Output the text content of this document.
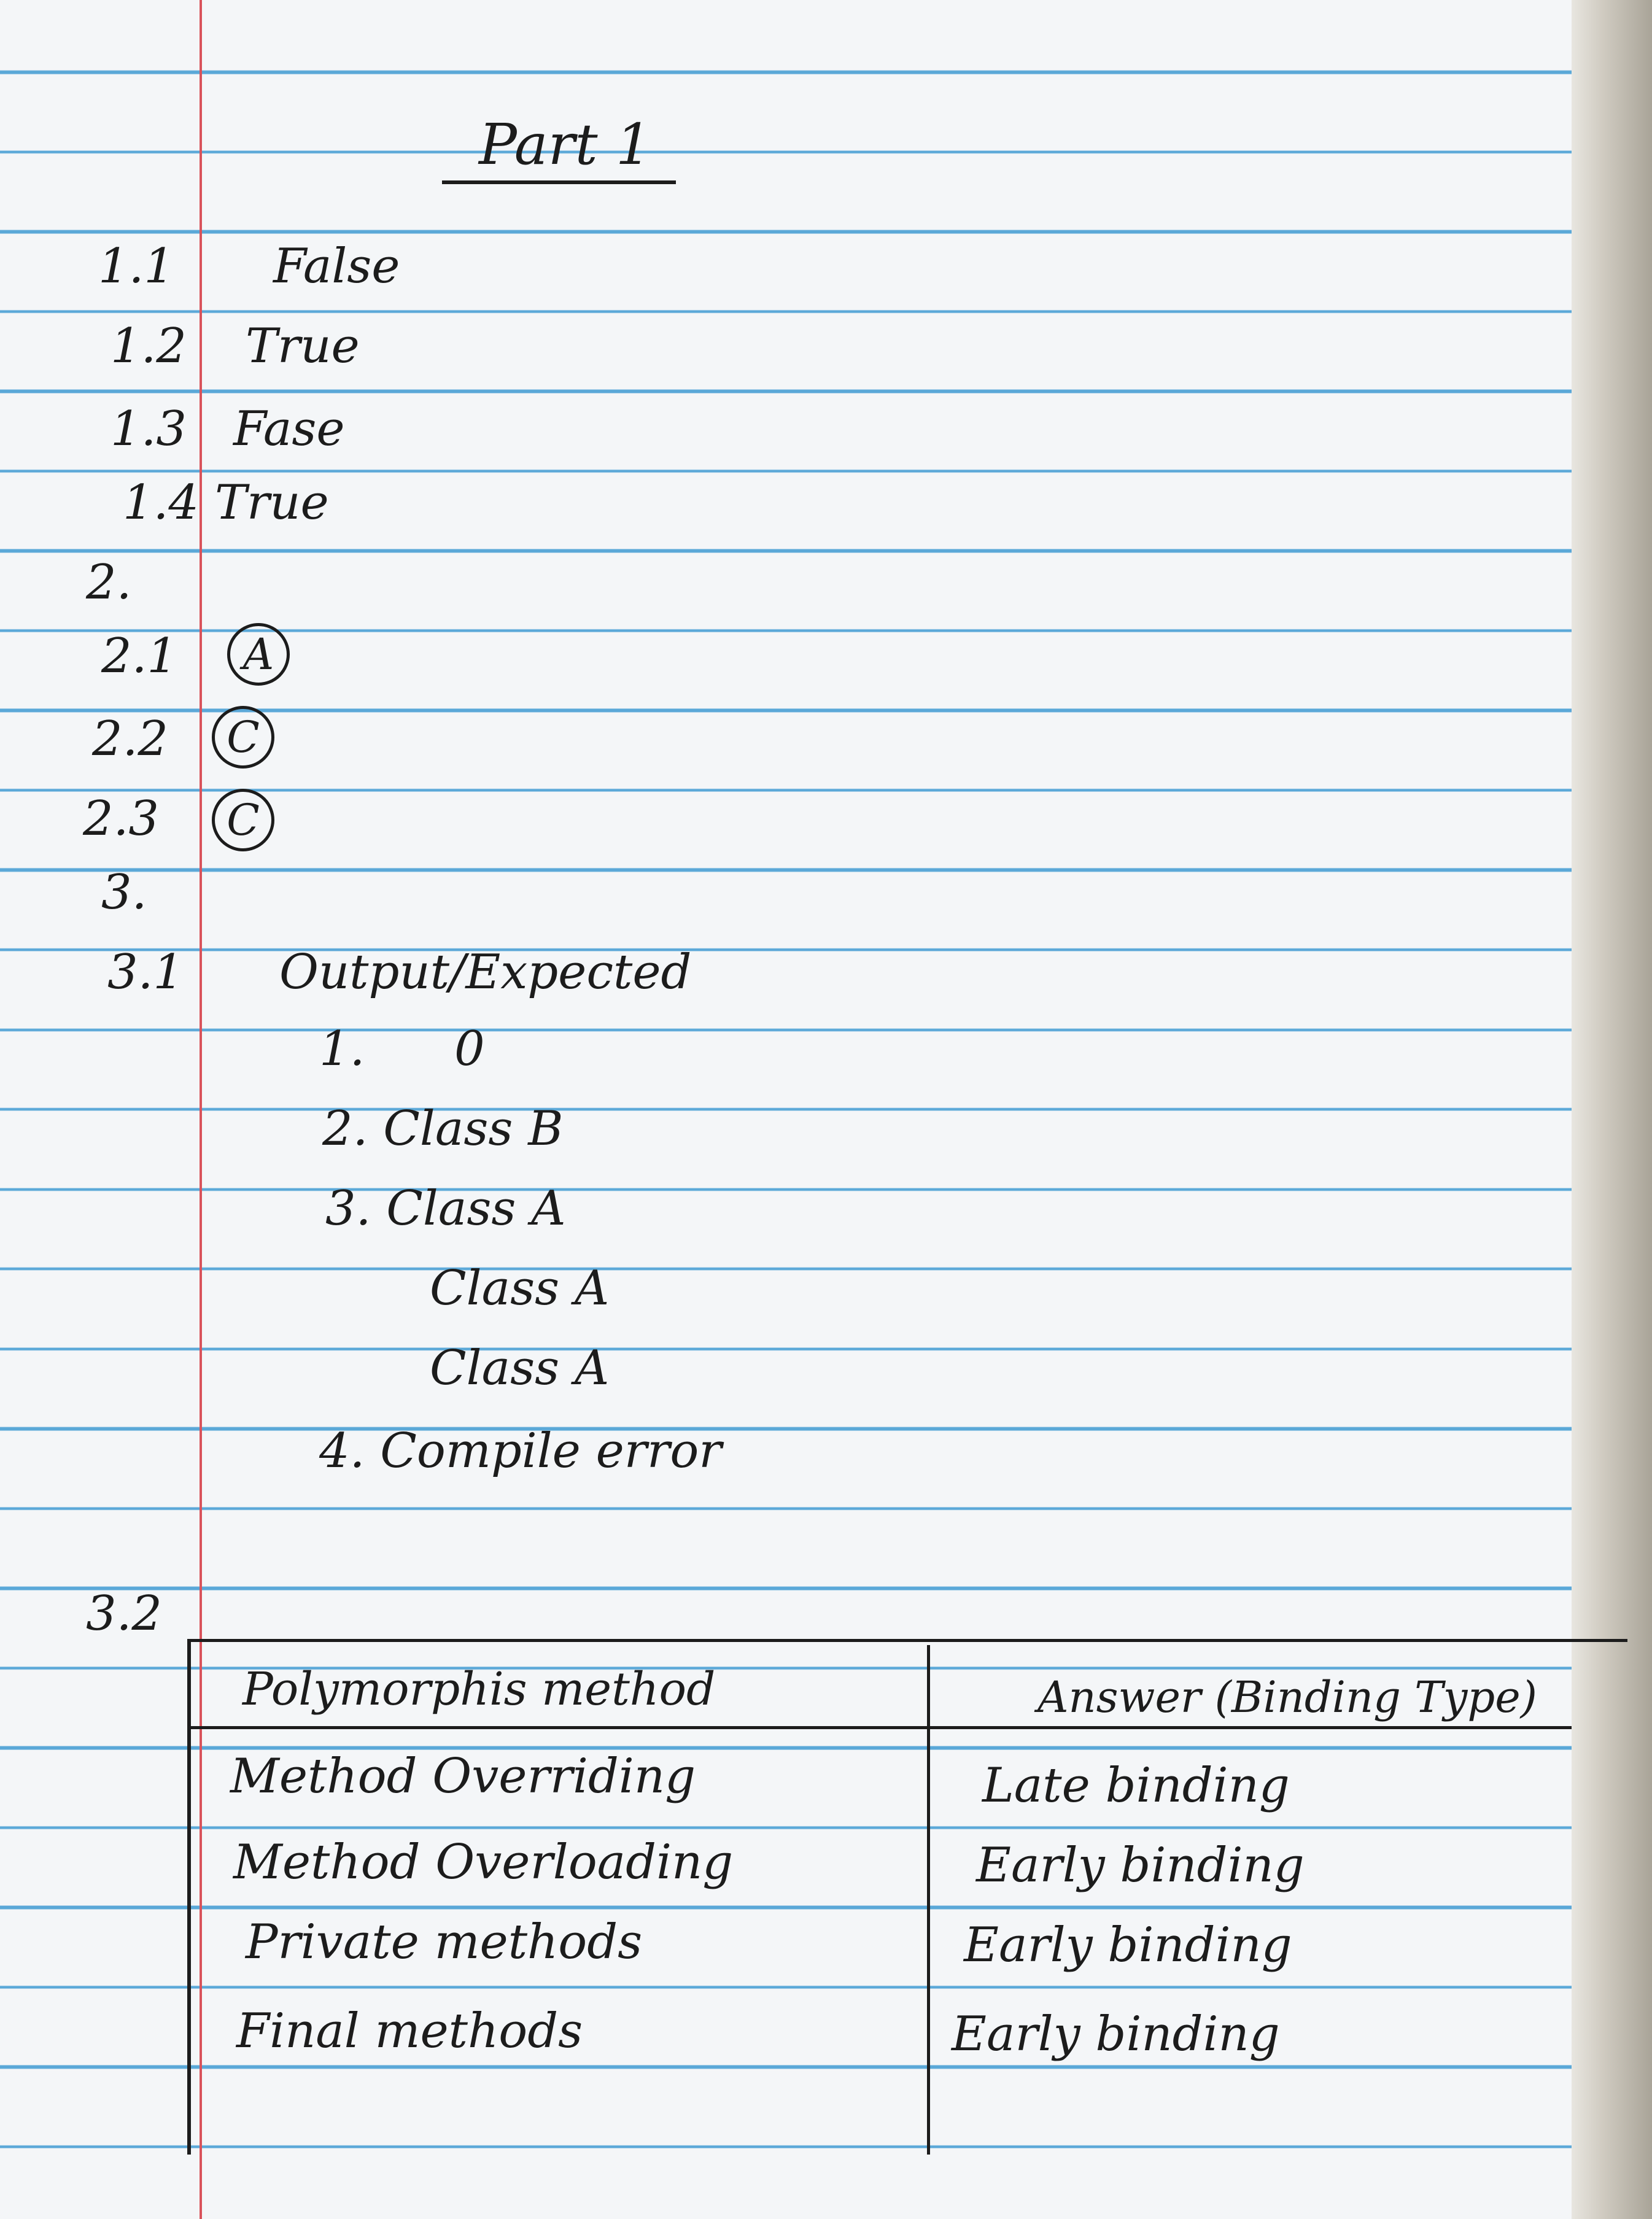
Part 1
1.1 False
1.2 True
1.3 Fase
1.4 True
2.
2.1	A
2.2	C
2.3	C
3.
3.1 Output/Expected
1. 0
2. Class B
3. Class A
Class A
Class A
4. Compile error
3.2
Polymorphis method	Answer (Binding Type)
Method Overriding	Late binding
Method Overloading	Early binding
Private methods	Early binding
Final methods	Early binding
